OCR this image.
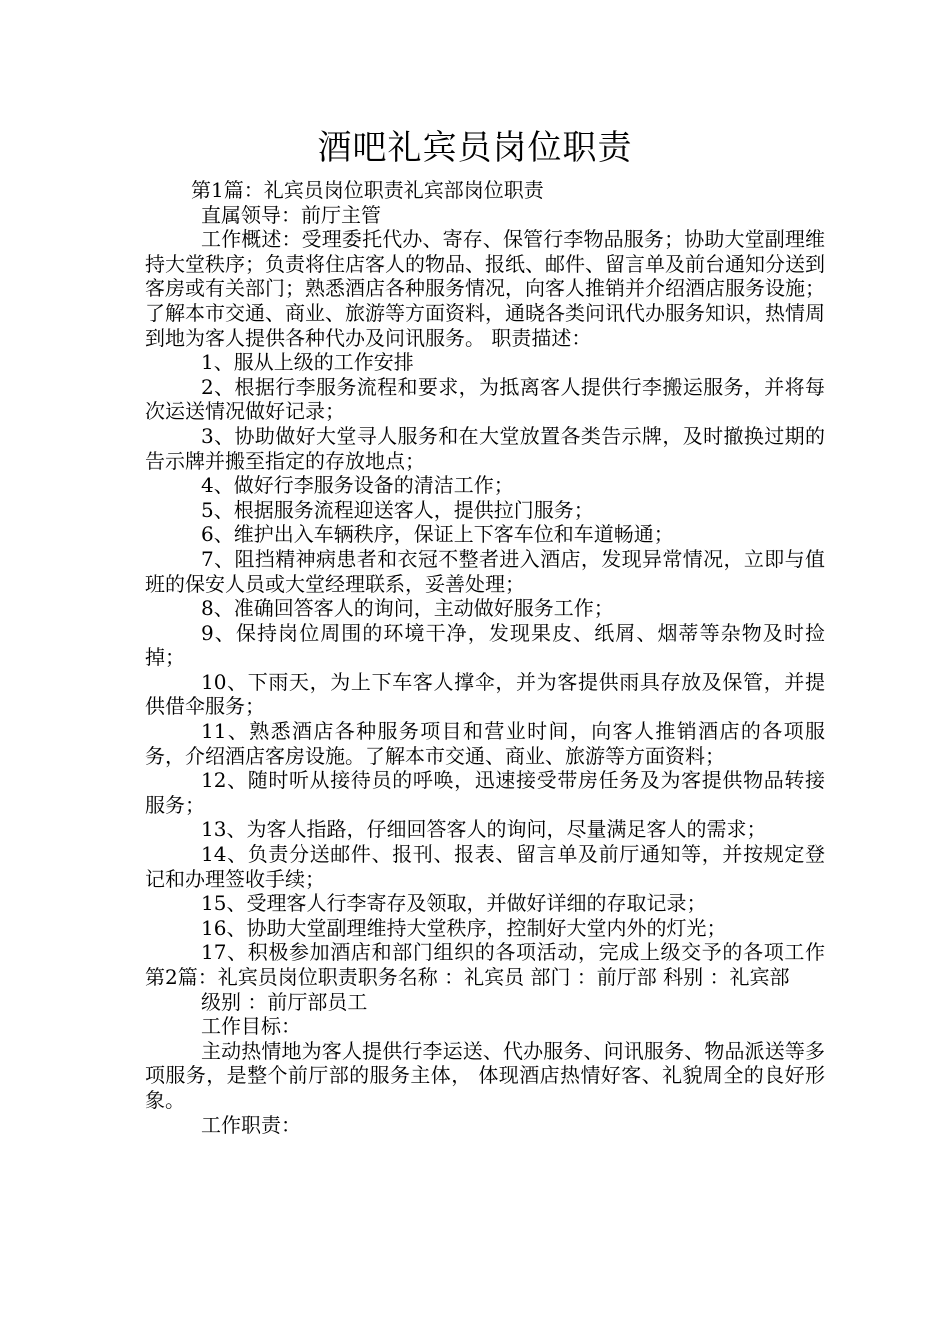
酒吧礼宾员岗位职责

第1篇：礼宾员岗位职责礼宾部岗位职责

直属领导：前厅主管

工作概述：受理委托代办、寄存、保管行李物品服务；协助大堂副理维持大堂秩序；负责将住店客人的物品、报纸、邮件、留言单及前台通知分送到客房或有关部门；熟悉酒店各种服务情况，向客人推销并介绍酒店服务设施；了解本市交通、商业、旅游等方面资料，通晓各类问讯代办服务知识，热情周到地为客人提供各种代办及问讯服务。 职责描述：

1、服从上级的工作安排

2、根据行李服务流程和要求，为抵离客人提供行李搬运服务，并将每次运送情况做好记录；

3、协助做好大堂寻人服务和在大堂放置各类告示牌，及时撤换过期的告示牌并搬至指定的存放地点；

4、做好行李服务设备的清洁工作；

5、根据服务流程迎送客人，提供拉门服务；

6、维护出入车辆秩序，保证上下客车位和车道畅通；

7、阻挡精神病患者和衣冠不整者进入酒店，发现异常情况，立即与值班的保安人员或大堂经理联系，妥善处理；

8、准确回答客人的询问，主动做好服务工作；

9、保持岗位周围的环境干净，发现果皮、纸屑、烟蒂等杂物及时捡掉；

10、下雨天，为上下车客人撑伞，并为客提供雨具存放及保管，并提供借伞服务；

11、熟悉酒店各种服务项目和营业时间，向客人推销酒店的各项服务，介绍酒店客房设施。了解本市交通、商业、旅游等方面资料；

12、随时听从接待员的呼唤，迅速接受带房任务及为客提供物品转接服务；

13、为客人指路，仔细回答客人的询问，尽量满足客人的需求；

14、负责分送邮件、报刊、报表、留言单及前厅通知等，并按规定登记和办理签收手续；

15、受理客人行李寄存及领取，并做好详细的存取记录；

16、协助大堂副理维持大堂秩序，控制好大堂内外的灯光；

17、积极参加酒店和部门组织的各项活动，完成上级交予的各项工作 第2篇：礼宾员岗位职责职务名称 ：礼宾员 部门 ：前厅部 科别 ：礼宾部

级别 ：前厅部员工

工作目标：

主动热情地为客人提供行李运送、代办服务、问讯服务、物品派送等多项服务，是整个前厅部的服务主体， 体现酒店热情好客、礼貌周全的良好形象。

工作职责：
